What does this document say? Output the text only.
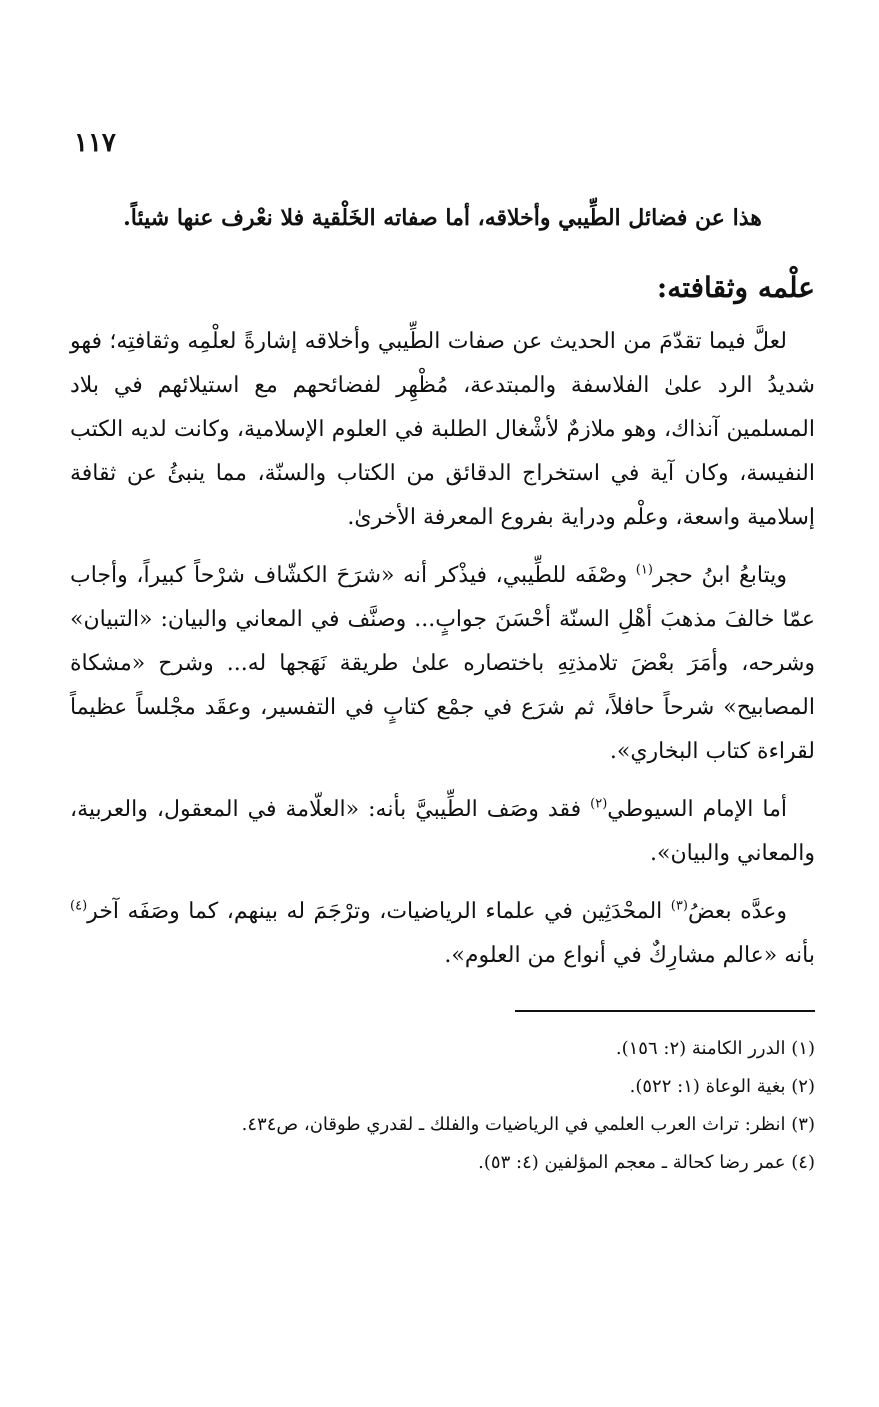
١١٧

هذا عن فضائل الطِّيبي وأخلاقه، أما صفاته الخَلْقية فلا نعْرف عنها شيئاً.

علْمه وثقافته:

لعلَّ فيما تقدّمَ من الحديث عن صفات الطِّيبي وأخلاقه إشارةً لعلْمِه وثقافتِه؛ فهو شديدُ الرد علىٰ الفلاسفة والمبتدعة، مُظْهِر لفضائحهم مع استيلائهم في بلاد المسلمين آنذاك، وهو ملازمٌ لأشْغال الطلبة في العلوم الإسلامية، وكانت لديه الكتب النفيسة، وكان آية في استخراج الدقائق من الكتاب والسنّة، مما ينبئُ عن ثقافة إسلامية واسعة، وعلْم ودراية بفروع المعرفة الأخرىٰ.

ويتابعُ ابنُ حجر$^{(١)}$ وصْفَه للطِّيبي، فيذْكر أنه «شرَحَ الكشّاف شرْحاً كبيراً، وأجاب عمّا خالفَ مذهبَ أهْلِ السنّة أحْسَنَ جوابٍ... وصنَّف في المعاني والبيان: «التبيان» وشرحه، وأمَرَ بعْضَ تلامذتِهِ باختصاره علىٰ طريقة نَهَجها له... وشرح «مشكاة المصابيح» شرحاً حافلاً، ثم شرَع في جمْع كتابٍ في التفسير، وعقَد مجْلساً عظيماً لقراءة كتاب البخاري».

أما الإمام السيوطي$^{(٢)}$ فقد وصَف الطِّيبيَّ بأنه: «العلّامة في المعقول، والعربية، والمعاني والبيان».

وعدَّه بعضُ$^{(٣)}$ المحْدَثِين في علماء الرياضيات، وترْجَمَ له بينهم، كما وصَفَه آخر$^{(٤)}$ بأنه «عالم مشارِكٌ في أنواع من العلوم».

(١) الدرر الكامنة (٢: ١٥٦).

(٢) بغية الوعاة (١: ٥٢٢).

(٣) انظر: تراث العرب العلمي في الرياضيات والفلك ـ لقدري طوقان، ص٤٣٤.

(٤) عمر رضا كحالة ـ معجم المؤلفين (٤: ٥٣).
